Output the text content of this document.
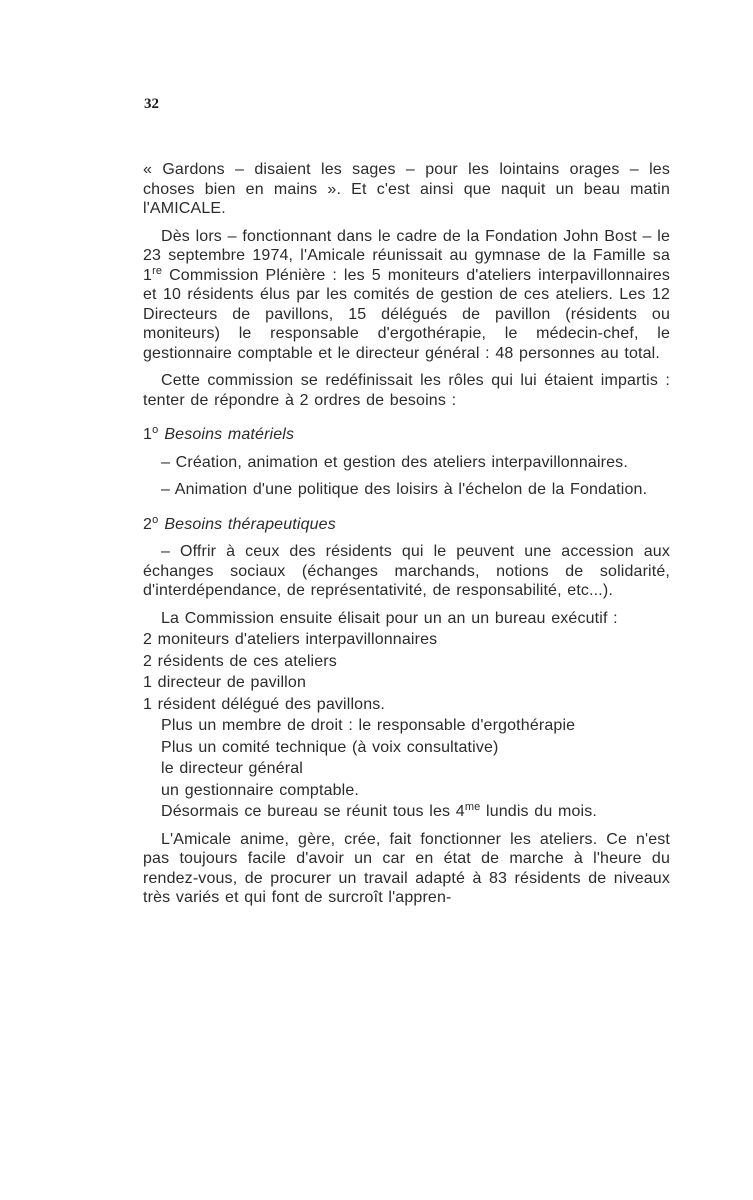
32

« Gardons – disaient les sages – pour les lointains orages – les choses bien en mains ». Et c'est ainsi que naquit un beau matin l'AMICALE.

Dès lors – fonctionnant dans le cadre de la Fondation John Bost – le 23 septembre 1974, l'Amicale réunissait au gymnase de la Famille sa 1re Commission Plénière : les 5 moniteurs d'ateliers interpavillonnaires et 10 résidents élus par les comités de gestion de ces ateliers. Les 12 Directeurs de pavillons, 15 délégués de pavillon (résidents ou moniteurs) le responsable d'ergothérapie, le médecin-chef, le gestionnaire comptable et le directeur général : 48 personnes au total.

Cette commission se redéfinissait les rôles qui lui étaient impartis : tenter de répondre à 2 ordres de besoins :

1$^o$ Besoins matériels

– Création, animation et gestion des ateliers interpavillonnaires.

– Animation d'une politique des loisirs à l'échelon de la Fondation.

2$^o$ Besoins thérapeutiques

– Offrir à ceux des résidents qui le peuvent une accession aux échanges sociaux (échanges marchands, notions de solidarité, d'interdépendance, de représentativité, de responsabilité, etc...).

La Commission ensuite élisait pour un an un bureau exécutif :

2 moniteurs d'ateliers interpavillonnaires

2 résidents de ces ateliers

1 directeur de pavillon

1 résident délégué des pavillons.

Plus un membre de droit : le responsable d'ergothérapie

Plus un comité technique (à voix consultative)

le directeur général

un gestionnaire comptable.

Désormais ce bureau se réunit tous les $4^{me}$ lundis du mois.

L'Amicale anime, gère, crée, fait fonctionner les ateliers. Ce n'est pas toujours facile d'avoir un car en état de marche à l'heure du rendez-vous, de procurer un travail adapté à 83 résidents de niveaux très variés et qui font de surcroît l'appren-
